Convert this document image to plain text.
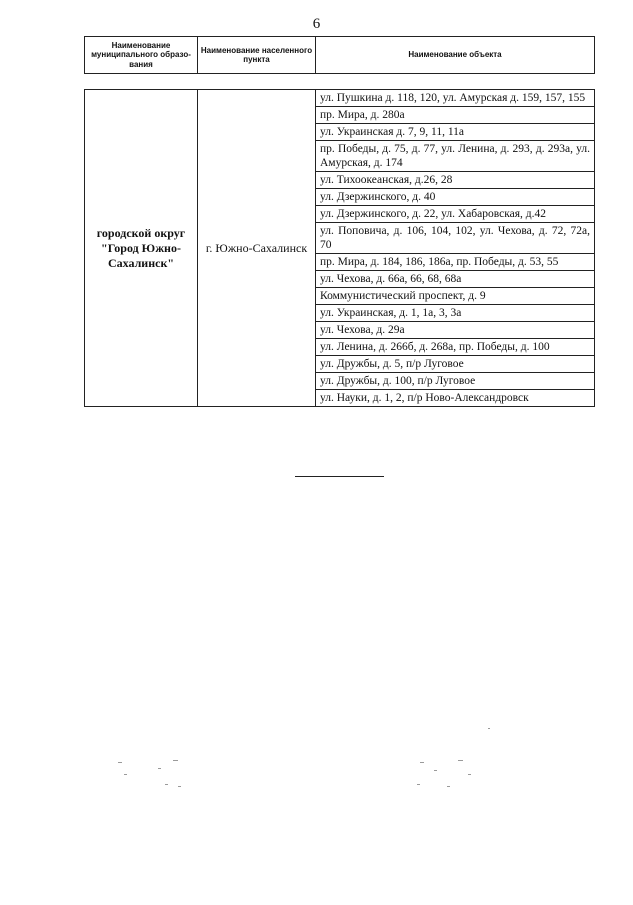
6
Наименование муниципального образо-вания	Наименование населенного пункта	Наименование объекта
городской округ "Город Южно-Сахалинск"	г. Южно-Сахалинск	ул. Пушкина д. 118, 120, ул. Амурская д. 159, 157, 155
пр. Мира, д. 280а
ул. Украинская д. 7, 9, 11, 11а
пр. Победы, д. 75, д. 77, ул. Ленина, д. 293, д. 293а, ул. Амурская, д. 174
ул. Тихоокеанская, д.26, 28
ул. Дзержинского, д. 40
ул. Дзержинского, д. 22, ул. Хабаровская, д.42
ул. Поповича, д. 106, 104, 102, ул. Чехова, д. 72, 72а, 70
пр. Мира, д. 184, 186, 186а, пр. Победы, д. 53, 55
ул. Чехова, д. 66а, 66, 68, 68а
Коммунистический проспект, д. 9
ул. Украинская, д. 1, 1а, 3, 3а
ул. Чехова, д. 29а
ул. Ленина, д. 266б, д. 268а, пр. Победы, д. 100
ул. Дружбы, д. 5, п/р Луговое
ул. Дружбы, д. 100, п/р Луговое
ул. Науки, д. 1, 2, п/р Ново-Александровск
